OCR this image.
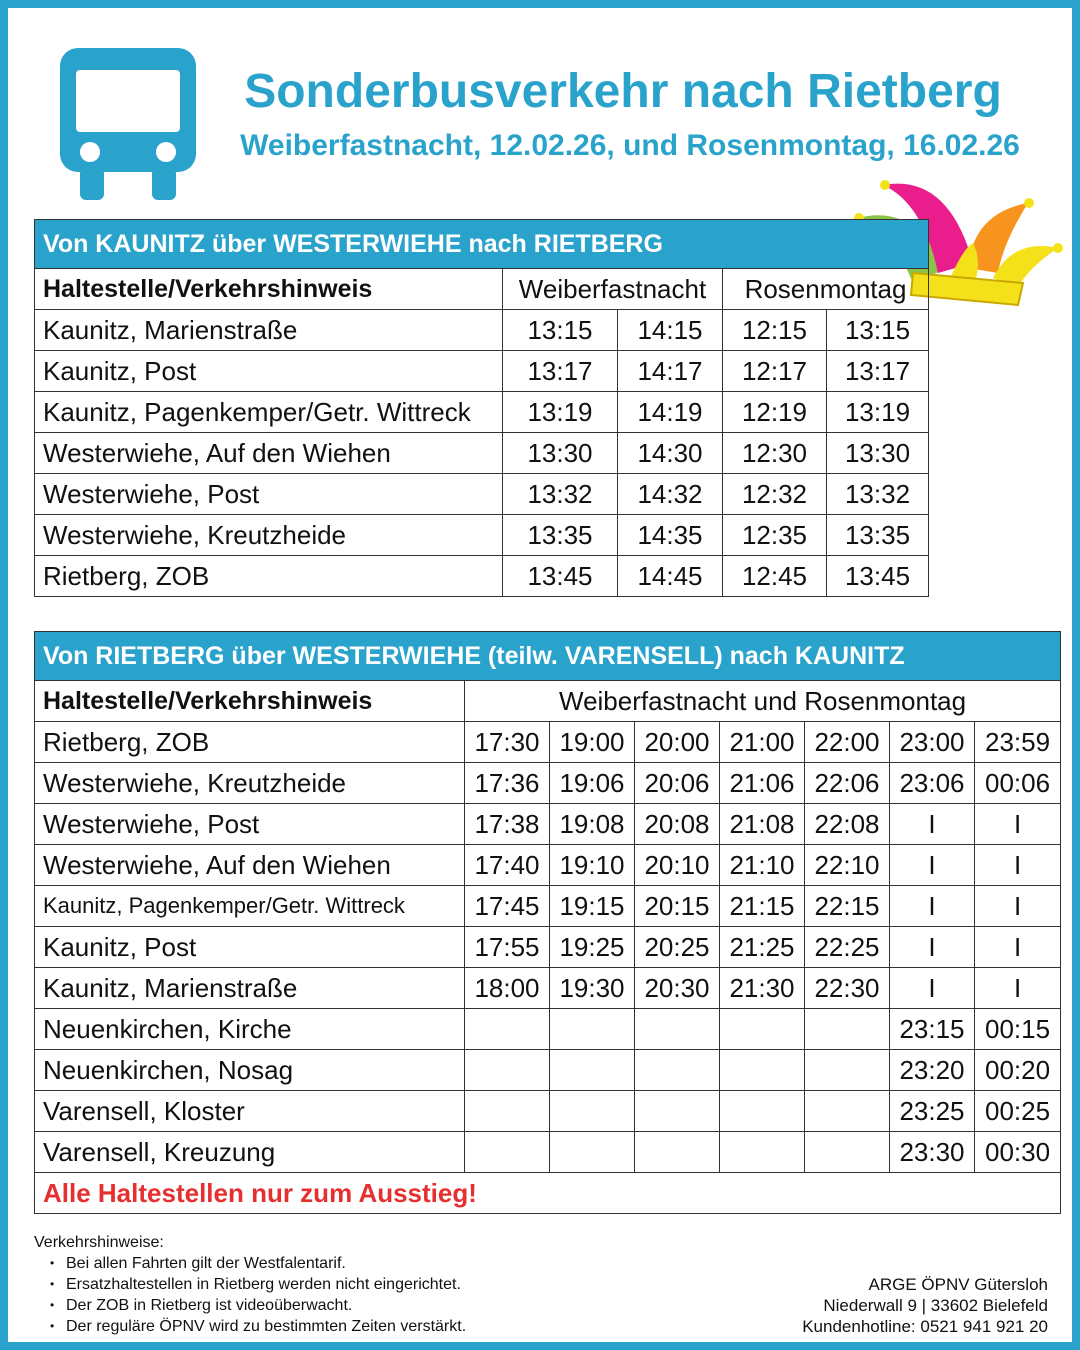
Sonderbusverkehr nach Rietberg
Weiberfastnacht, 12.02.26, und Rosenmontag, 16.02.26
Von KAUNITZ über WESTERWIEHE nach RIETBERG				
Haltestelle/Verkehrshinweis	Weiberfastnacht		Rosenmontag	
Kaunitz, Marienstraße	13:15	14:15	12:15	13:15
Kaunitz, Post	13:17	14:17	12:17	13:17
Kaunitz, Pagenkemper/Getr. Wittreck	13:19	14:19	12:19	13:19
Westerwiehe, Auf den Wiehen	13:30	14:30	12:30	13:30
Westerwiehe, Post	13:32	14:32	12:32	13:32
Westerwiehe, Kreutzheide	13:35	14:35	12:35	13:35
Rietberg, ZOB	13:45	14:45	12:45	13:45
Von RIETBERG über WESTERWIEHE (teilw. VARENSELL) nach KAUNITZ							
Haltestelle/Verkehrshinweis	Weiberfastnacht und Rosenmontag						
Rietberg, ZOB	17:30	19:00	20:00	21:00	22:00	23:00	23:59
Westerwiehe, Kreutzheide	17:36	19:06	20:06	21:06	22:06	23:06	00:06
Westerwiehe, Post	17:38	19:08	20:08	21:08	22:08	I	I
Westerwiehe, Auf den Wiehen	17:40	19:10	20:10	21:10	22:10	I	I
Kaunitz, Pagenkemper/Getr. Wittreck	17:45	19:15	20:15	21:15	22:15	I	I
Kaunitz, Post	17:55	19:25	20:25	21:25	22:25	I	I
Kaunitz, Marienstraße	18:00	19:30	20:30	21:30	22:30	I	I
Neuenkirchen, Kirche						23:15	00:15
Neuenkirchen, Nosag						23:20	00:20
Varensell, Kloster						23:25	00:25
Varensell, Kreuzung						23:30	00:30
Alle Haltestellen nur zum Ausstieg!							
Verkehrshinweise:
• Bei allen Fahrten gilt der Westfalentarif.
• Ersatzhaltestellen in Rietberg werden nicht eingerichtet.
• Der ZOB in Rietberg ist videoüberwacht.
• Der reguläre ÖPNV wird zu bestimmten Zeiten verstärkt.
ARGE ÖPNV Gütersloh
Niederwall 9 | 33602 Bielefeld
Kundenhotline: 0521 941 921 20
